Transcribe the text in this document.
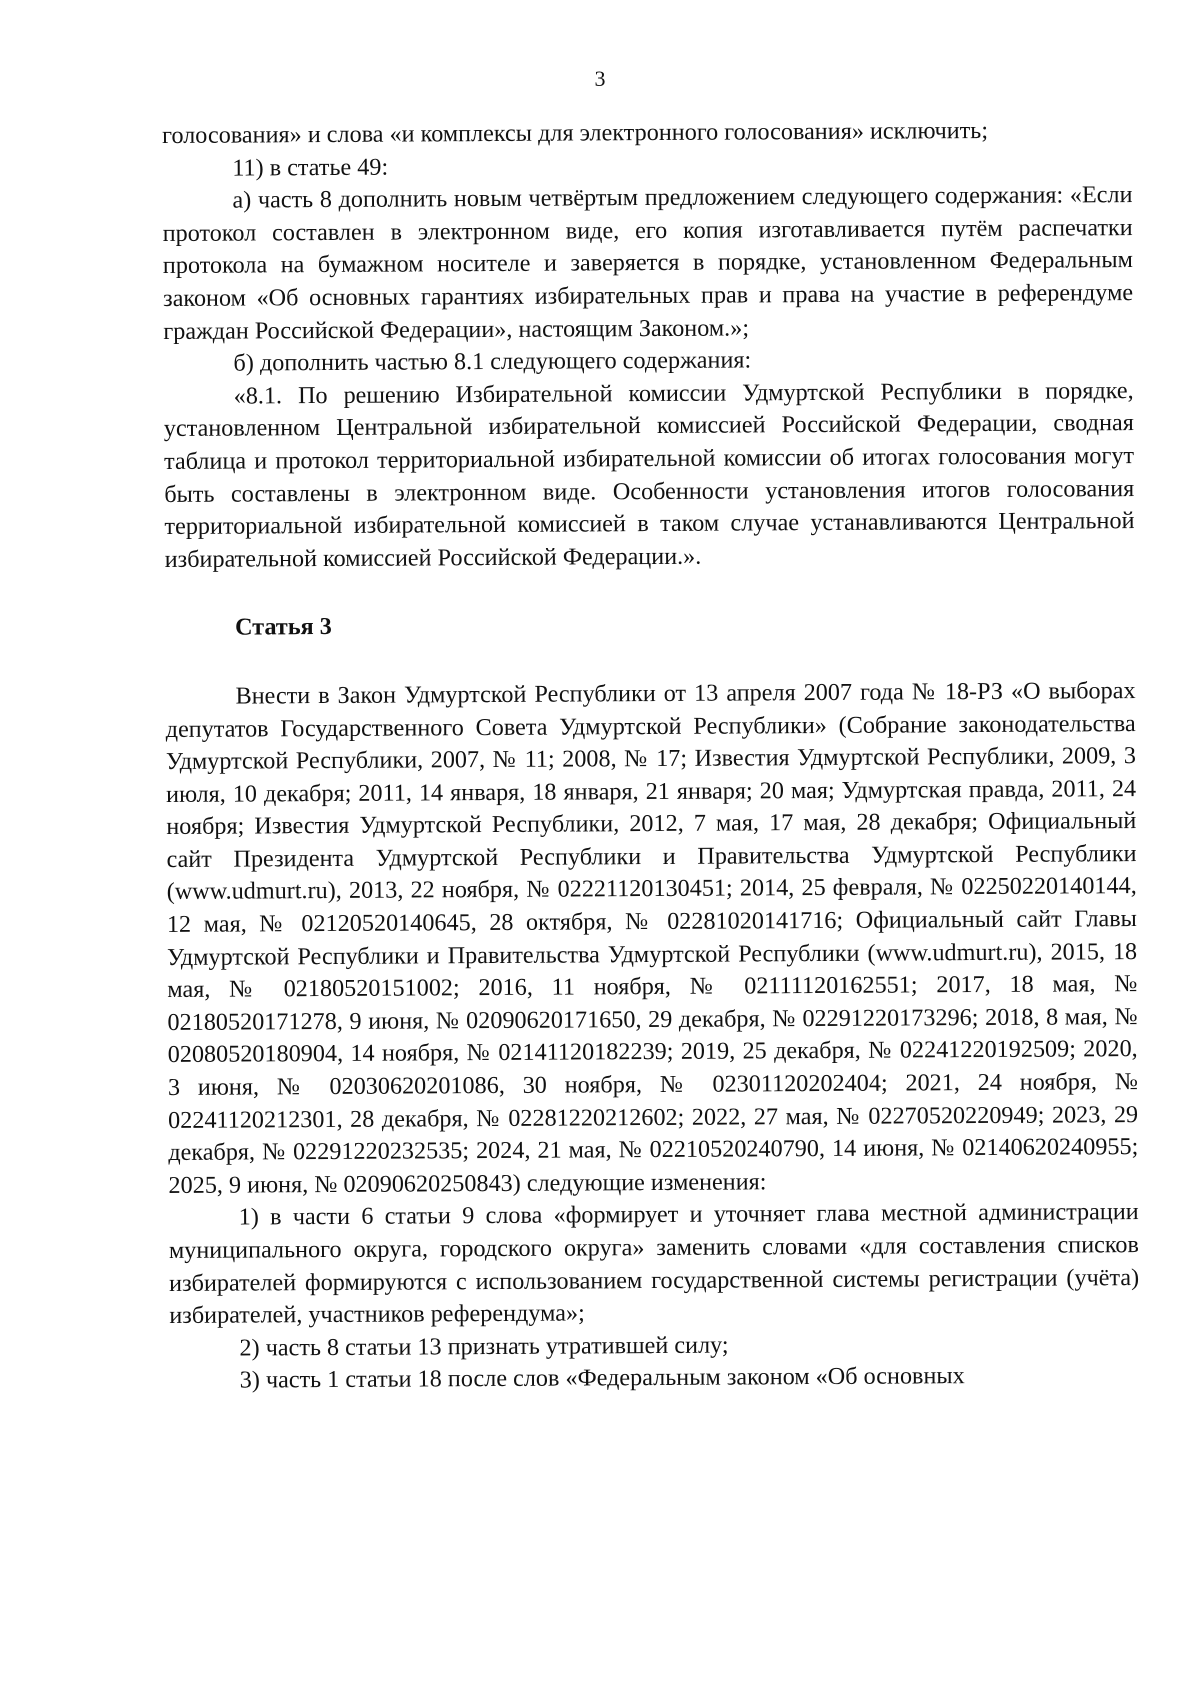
3

голосования» и слова «и комплексы для электронного голосования» исключить;

11) в статье 49:

а) часть 8 дополнить новым четвёртым предложением следующего содержания: «Если протокол составлен в электронном виде, его копия изготавливается путём распечатки протокола на бумажном носителе и заверяется в порядке, установленном Федеральным законом «Об основных гарантиях избирательных прав и права на участие в референдуме граждан Российской Федерации», настоящим Законом.»;

б) дополнить частью 8.1 следующего содержания:

«8.1. По решению Избирательной комиссии Удмуртской Республики в порядке, установленном Центральной избирательной комиссией Российской Федерации, сводная таблица и протокол территориальной избирательной комиссии об итогах голосования могут быть составлены в электронном виде. Особенности установления итогов голосования территориальной избирательной комиссией в таком случае устанавливаются Центральной избирательной комиссией Российской Федерации.».

Статья 3

Внести в Закон Удмуртской Республики от 13 апреля 2007 года № 18-РЗ «О выборах депутатов Государственного Совета Удмуртской Республики» (Собрание законодательства Удмуртской Республики, 2007, № 11; 2008, № 17; Известия Удмуртской Республики, 2009, 3 июля, 10 декабря; 2011, 14 января, 18 января, 21 января; 20 мая; Удмуртская правда, 2011, 24 ноября; Известия Удмуртской Республики, 2012, 7 мая, 17 мая, 28 декабря; Официальный сайт Президента Удмуртской Республики и Правительства Удмуртской Республики (www.udmurt.ru), 2013, 22 ноября, № 02221120130451; 2014, 25 февраля, № 02250220140144, 12 мая, № 02120520140645, 28 октября, № 02281020141716; Официальный сайт Главы Удмуртской Республики и Правительства Удмуртской Республики (www.udmurt.ru), 2015, 18 мая, № 02180520151002; 2016, 11 ноября, № 02111120162551; 2017, 18 мая, № 02180520171278, 9 июня, № 02090620171650, 29 декабря, № 02291220173296; 2018, 8 мая, № 02080520180904, 14 ноября, № 02141120182239; 2019, 25 декабря, № 02241220192509; 2020, 3 июня, № 02030620201086, 30 ноября, № 02301120202404; 2021, 24 ноября, № 02241120212301, 28 декабря, № 02281220212602; 2022, 27 мая, № 02270520220949; 2023, 29 декабря, № 02291220232535; 2024, 21 мая, № 02210520240790, 14 июня, № 02140620240955; 2025, 9 июня, № 02090620250843) следующие изменения:

1) в части 6 статьи 9 слова «формирует и уточняет глава местной администрации муниципального округа, городского округа» заменить словами «для составления списков избирателей формируются с использованием государственной системы регистрации (учёта) избирателей, участников референдума»;

2) часть 8 статьи 13 признать утратившей силу;

3) часть 1 статьи 18 после слов «Федеральным законом «Об основных
